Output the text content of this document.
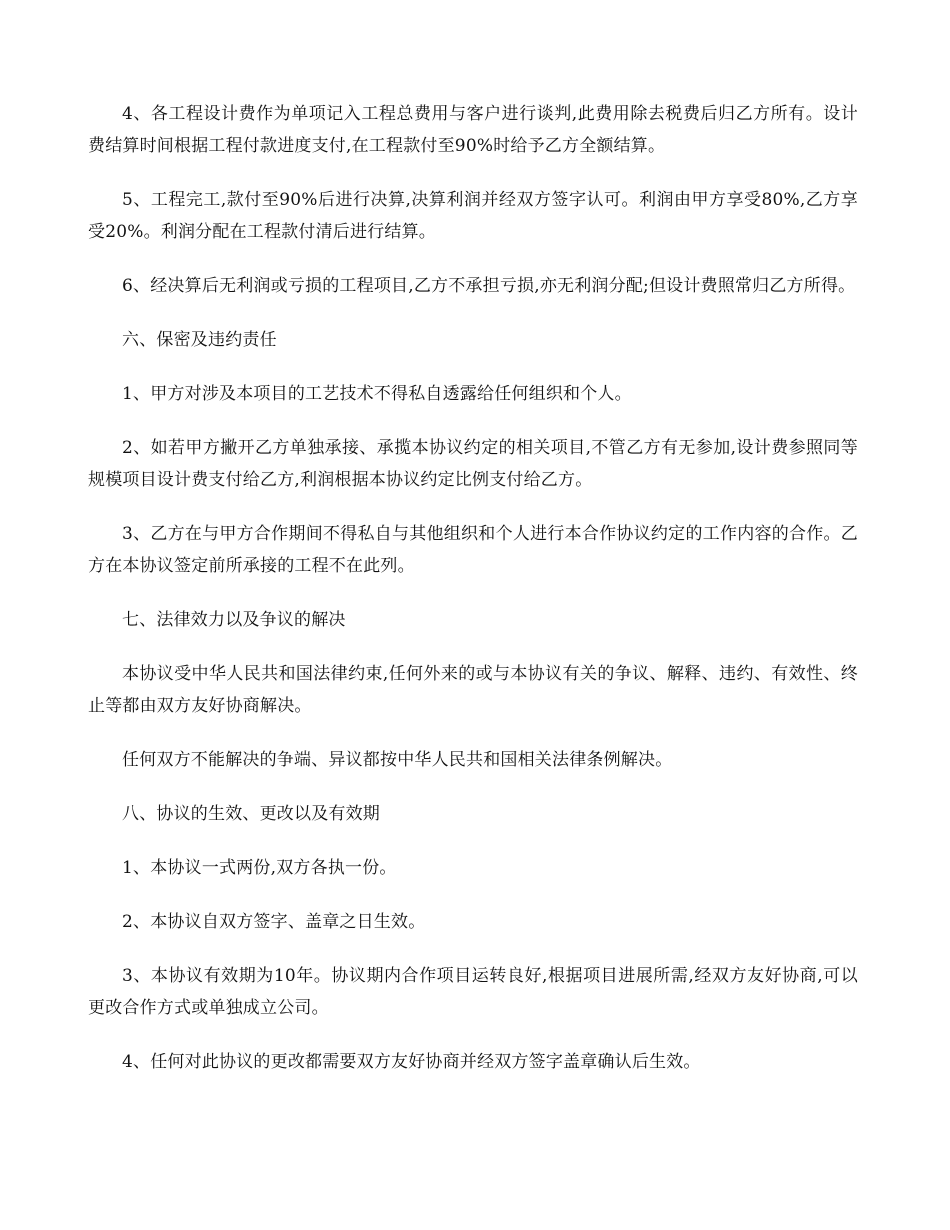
4、各工程设计费作为单项记入工程总费用与客户进行谈判,此费用除去税费后归乙方所有。设计费结算时间根据工程付款进度支付,在工程款付至90%时给予乙方全额结算。

5、工程完工,款付至90%后进行决算,决算利润并经双方签字认可。利润由甲方享受80%,乙方享受20%。利润分配在工程款付清后进行结算。

6、经决算后无利润或亏损的工程项目,乙方不承担亏损,亦无利润分配;但设计费照常归乙方所得。

六、保密及违约责任

1、甲方对涉及本项目的工艺技术不得私自透露给任何组织和个人。

2、如若甲方撇开乙方单独承接、承揽本协议约定的相关项目,不管乙方有无参加,设计费参照同等规模项目设计费支付给乙方,利润根据本协议约定比例支付给乙方。

3、乙方在与甲方合作期间不得私自与其他组织和个人进行本合作协议约定的工作内容的合作。乙方在本协议签定前所承接的工程不在此列。

七、法律效力以及争议的解决

本协议受中华人民共和国法律约束,任何外来的或与本协议有关的争议、解释、违约、有效性、终止等都由双方友好协商解决。

任何双方不能解决的争端、异议都按中华人民共和国相关法律条例解决。

八、协议的生效、更改以及有效期

1、本协议一式两份,双方各执一份。

2、本协议自双方签字、盖章之日生效。

3、本协议有效期为10年。协议期内合作项目运转良好,根据项目进展所需,经双方友好协商,可以更改合作方式或单独成立公司。

4、任何对此协议的更改都需要双方友好协商并经双方签字盖章确认后生效。
